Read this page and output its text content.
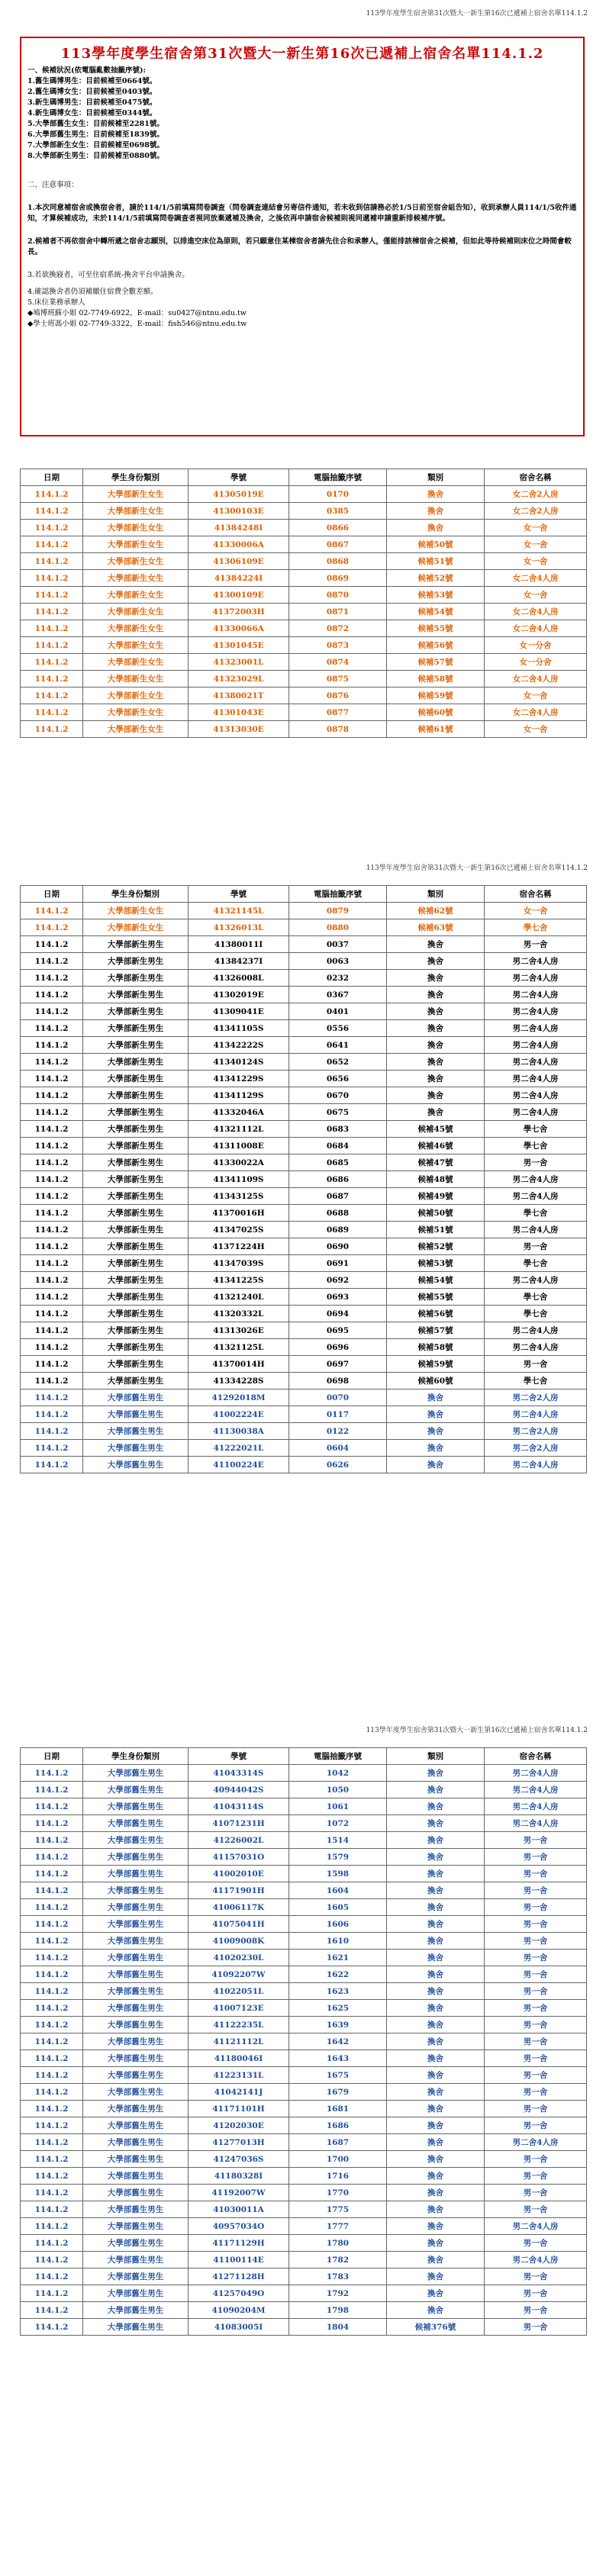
113學年度學生宿舍第31次暨大一新生第16次已遞補上宿舍名單114.1.2
113學年度學生宿舍第31次暨大一新生第16次已遞補上宿舍名單114.1.2
一、候補狀況(依電腦亂數抽籤序號):
1.舊生碼博男生：目前候補至0664號。
2.舊生碼博女生：目前候補至0403號。
3.新生碼博男生：目前候補至0475號。
4.新生碼博女生：目前候補至0344號。
5.大學部舊生女生：目前候補至2281號。
6.大學部舊生男生：目前候補至1839號。
7.大學部新生女生：目前候補至0698號。
8.大學部新生男生：目前候補至0880號。
二、注意事項：
1.本次同意補宿舍或換宿舍者，請於114/1/5前填寫問卷調查（問卷調查連結會另寄信件通知，若未收到信請務必於1/5日前至宿舍組告知），收到承辦人員114/1/5收件通知，才算候補成功，未於114/1/5前填寫問卷調查者視同放棄遞補及換舍，之後依再申請宿舍候補則視同遞補申請重新排候補序號。
2.候補者不再依宿舍中轉所遞之宿舍志願別，以排進空床位為原則，若只願意住某棟宿舍者請先住合和承辦人，僅能排該棟宿舍之候補，但如此等待候補則床位之時間會較長。
3.若欲換寢者，可至住宿系統-換舍平台申請換舍。
4.確認換舍者仍須補繳住宿費全數差額。
5.床位業務承辦人
◆鳩博班蘇小姐 02-7749-6922，E-mail：su0427@ntnu.edu.tw
◆學士班馮小姐 02-7749-3322，E-mail：fish546@ntnu.edu.tw
日期	學生身份類別	學號	電腦抽籤序號	類別	宿舍名稱
114.1.2	大學部新生女生	41305019E	0170	換舍	女二舍2人房
114.1.2	大學部新生女生	41300103E	0385	換舍	女二舍2人房
114.1.2	大學部新生女生	41384248I	0866	換舍	女一舍
114.1.2	大學部新生女生	41330006A	0867	候補50號	女一舍
114.1.2	大學部新生女生	41306109E	0868	候補51號	女一舍
114.1.2	大學部新生女生	41384224I	0869	候補52號	女二舍4人房
114.1.2	大學部新生女生	41300109E	0870	候補53號	女一舍
114.1.2	大學部新生女生	41372003H	0871	候補54號	女二舍4人房
114.1.2	大學部新生女生	41330066A	0872	候補55號	女二舍4人房
114.1.2	大學部新生女生	41301045E	0873	候補56號	女一分舍
114.1.2	大學部新生女生	41323001L	0874	候補57號	女一分舍
114.1.2	大學部新生女生	41323029L	0875	候補58號	女二舍4人房
114.1.2	大學部新生女生	41380021T	0876	候補59號	女一舍
114.1.2	大學部新生女生	41301043E	0877	候補60號	女二舍4人房
114.1.2	大學部新生女生	41313030E	0878	候補61號	女一舍
113學年度學生宿舍第31次暨大一新生第16次已遞補上宿舍名單114.1.2
日期	學生身份類別	學號	電腦抽籤序號	類別	宿舍名稱
114.1.2	大學部新生女生	41321145L	0879	候補62號	女一舍
114.1.2	大學部新生女生	41326013L	0880	候補63號	學七舍
114.1.2	大學部新生男生	41380011I	0037	換舍	男一舍
114.1.2	大學部新生男生	41384237I	0063	換舍	男二舍4人房
114.1.2	大學部新生男生	41326008L	0232	換舍	男二舍4人房
114.1.2	大學部新生男生	41302019E	0367	換舍	男二舍4人房
114.1.2	大學部新生男生	41309041E	0401	換舍	男二舍4人房
114.1.2	大學部新生男生	41341105S	0556	換舍	男二舍4人房
114.1.2	大學部新生男生	41342222S	0641	換舍	男二舍4人房
114.1.2	大學部新生男生	41340124S	0652	換舍	男二舍4人房
114.1.2	大學部新生男生	41341229S	0656	換舍	男二舍4人房
114.1.2	大學部新生男生	41341129S	0670	換舍	男二舍4人房
114.1.2	大學部新生男生	41332046A	0675	換舍	男二舍4人房
114.1.2	大學部新生男生	41321112L	0683	候補45號	學七舍
114.1.2	大學部新生男生	41311008E	0684	候補46號	學七舍
114.1.2	大學部新生男生	41330022A	0685	候補47號	男一舍
114.1.2	大學部新生男生	41341109S	0686	候補48號	男二舍4人房
114.1.2	大學部新生男生	41343125S	0687	候補49號	男二舍4人房
114.1.2	大學部新生男生	41370016H	0688	候補50號	學七舍
114.1.2	大學部新生男生	41347025S	0689	候補51號	男二舍4人房
114.1.2	大學部新生男生	41371224H	0690	候補52號	男一舍
114.1.2	大學部新生男生	41347039S	0691	候補53號	學七舍
114.1.2	大學部新生男生	41341225S	0692	候補54號	男二舍4人房
114.1.2	大學部新生男生	41321240L	0693	候補55號	學七舍
114.1.2	大學部新生男生	41320332L	0694	候補56號	學七舍
114.1.2	大學部新生男生	41313026E	0695	候補57號	男二舍4人房
114.1.2	大學部新生男生	41321125L	0696	候補58號	男二舍4人房
114.1.2	大學部新生男生	41370014H	0697	候補59號	男一舍
114.1.2	大學部新生男生	41334228S	0698	候補60號	學七舍
114.1.2	大學部舊生男生	41292018M	0070	換舍	男二舍2人房
114.1.2	大學部舊生男生	41002224E	0117	換舍	男二舍4人房
114.1.2	大學部舊生男生	41130038A	0122	換舍	男二舍2人房
114.1.2	大學部舊生男生	41222021L	0604	換舍	男二舍2人房
114.1.2	大學部舊生男生	41100224E	0626	換舍	男二舍4人房
113學年度學生宿舍第31次暨大一新生第16次已遞補上宿舍名單114.1.2
日期	學生身份類別	學號	電腦抽籤序號	類別	宿舍名稱
114.1.2	大學部舊生男生	41043314S	1042	換舍	男二舍4人房
114.1.2	大學部舊生男生	40944042S	1050	換舍	男二舍4人房
114.1.2	大學部舊生男生	41043114S	1061	換舍	男二舍4人房
114.1.2	大學部舊生男生	41071231H	1072	換舍	男二舍4人房
114.1.2	大學部舊生男生	41226002L	1514	換舍	男一舍
114.1.2	大學部舊生男生	41157031O	1579	換舍	男一舍
114.1.2	大學部舊生男生	41002010E	1598	換舍	男一舍
114.1.2	大學部舊生男生	41171901H	1604	換舍	男一舍
114.1.2	大學部舊生男生	41006117K	1605	換舍	男一舍
114.1.2	大學部舊生男生	41075041H	1606	換舍	男一舍
114.1.2	大學部舊生男生	41009008K	1610	換舍	男一舍
114.1.2	大學部舊生男生	41020230L	1621	換舍	男一舍
114.1.2	大學部舊生男生	41092207W	1622	換舍	男一舍
114.1.2	大學部舊生男生	41022051L	1623	換舍	男一舍
114.1.2	大學部舊生男生	41007123E	1625	換舍	男一舍
114.1.2	大學部舊生男生	41122235L	1639	換舍	男一舍
114.1.2	大學部舊生男生	41121112L	1642	換舍	男一舍
114.1.2	大學部舊生男生	41180046I	1643	換舍	男一舍
114.1.2	大學部舊生男生	41223131L	1675	換舍	男一舍
114.1.2	大學部舊生男生	41042141J	1679	換舍	男一舍
114.1.2	大學部舊生男生	41171101H	1681	換舍	男一舍
114.1.2	大學部舊生男生	41202030E	1686	換舍	男一舍
114.1.2	大學部舊生男生	41277013H	1687	換舍	男二舍4人房
114.1.2	大學部舊生男生	41247036S	1700	換舍	男一舍
114.1.2	大學部舊生男生	41180328I	1716	換舍	男一舍
114.1.2	大學部舊生男生	41192007W	1770	換舍	男一舍
114.1.2	大學部舊生男生	41030011A	1775	換舍	男一舍
114.1.2	大學部舊生男生	40957034O	1777	換舍	男二舍4人房
114.1.2	大學部舊生男生	41171129H	1780	換舍	男一舍
114.1.2	大學部舊生男生	41100114E	1782	換舍	男二舍4人房
114.1.2	大學部舊生男生	41271128H	1783	換舍	男一舍
114.1.2	大學部舊生男生	41257049O	1792	換舍	男一舍
114.1.2	大學部舊生男生	41090204M	1798	換舍	男一舍
114.1.2	大學部舊生男生	41083005I	1804	候補376號	男一舍
